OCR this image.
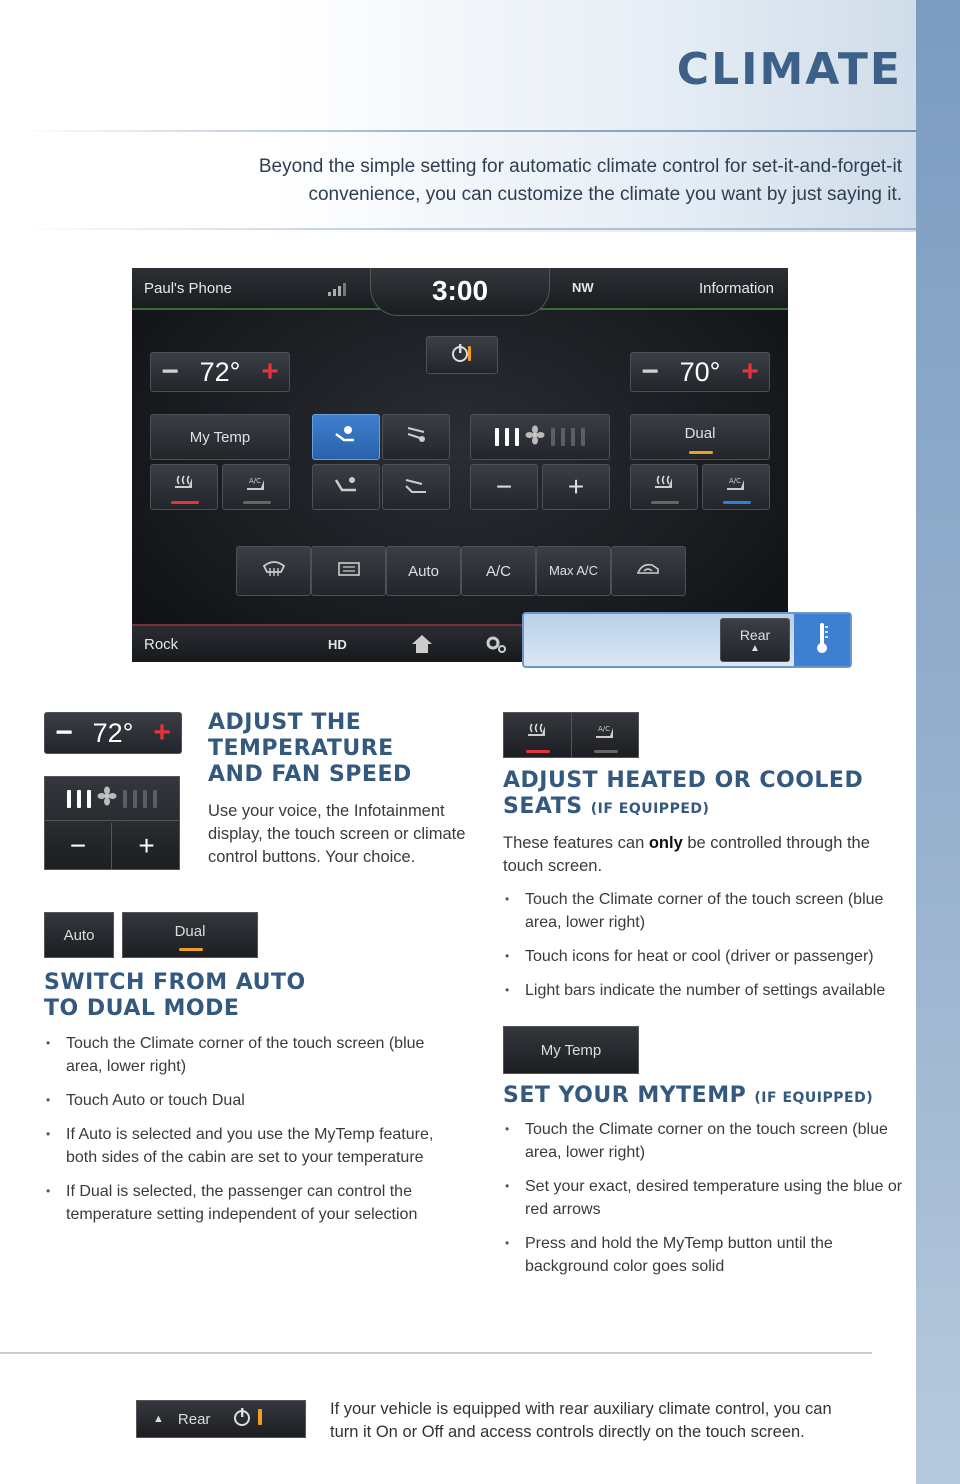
CLIMATE

Beyond the simple setting for automatic climate control for set-it-and-forget-it convenience, you can customize the climate you want by just saying it.

Paul's Phone	NW	Information
3:00
− 72° +	− 70° +
My Temp
A/C	−	+
Dual
A/C
Auto	A/C	Max A/C
Rock	HD
Rear
▲
− 72° +
−	+
ADJUST THE TEMPERATURE AND FAN SPEED

Use your voice, the Infotainment display, the touch screen or climate control buttons. Your choice.

A/C
ADJUST HEATED OR COOLED SEATS (IF EQUIPPED)

These features can only be controlled through the touch screen.

• Touch the Climate corner of the touch screen (blue area, lower right)
• Touch icons for heat or cool (driver or passenger)
• Light bars indicate the number of settings available
Auto	Dual
SWITCH FROM AUTO TO DUAL MODE
• Touch the Climate corner of the touch screen (blue area, lower right)
• Touch Auto or touch Dual
• If Auto is selected and you use the MyTemp feature, both sides of the cabin are set to your temperature
• If Dual is selected, the passenger can control the temperature setting independent of your selection
My Temp
SET YOUR MYTEMP (IF EQUIPPED)
• Touch the Climate corner on the touch screen (blue area, lower right)
• Set your exact, desired temperature using the blue or red arrows
• Press and hold the MyTemp button until the background color goes solid
▲ Rear

If your vehicle is equipped with rear auxiliary climate control, you can turn it On or Off and access controls directly on the touch screen.
